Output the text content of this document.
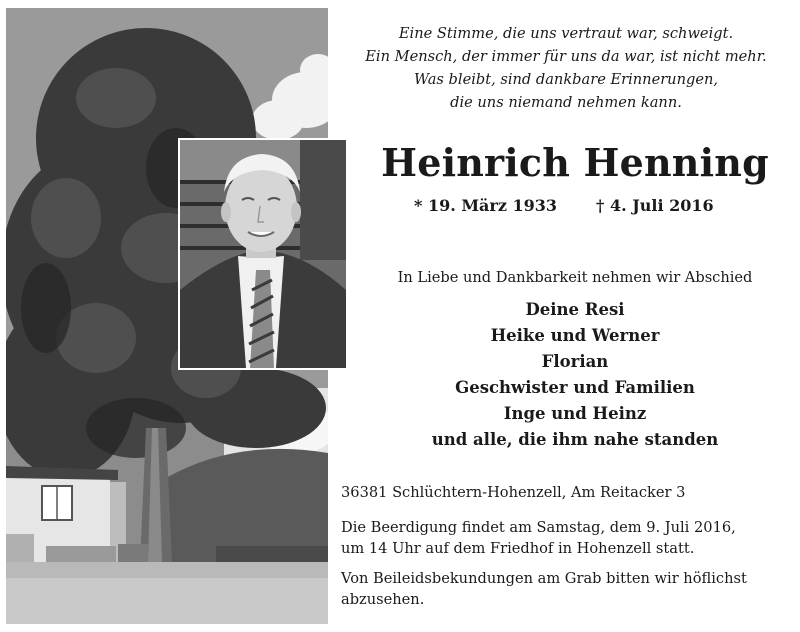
Eine Stimme, die uns vertraut war, schweigt.
Ein Mensch, der immer für uns da war, ist nicht mehr.
Was bleibt, sind dankbare Erinnerungen,
die uns niemand nehmen kann.
Heinrich Henning
* 19. März 1933 † 4. Juli 2016
In Liebe und Dankbarkeit nehmen wir Abschied
Deine Resi
Heike und Werner
Florian
Geschwister und Familien
Inge und Heinz
und alle, die ihm nahe standen
36381 Schlüchtern-Hohenzell, Am Reitacker 3
Die Beerdigung findet am Samstag, dem 9. Juli 2016,
um 14 Uhr auf dem Friedhof in Hohenzell statt.
Von Beileidsbekundungen am Grab bitten wir höflichst
abzusehen.
